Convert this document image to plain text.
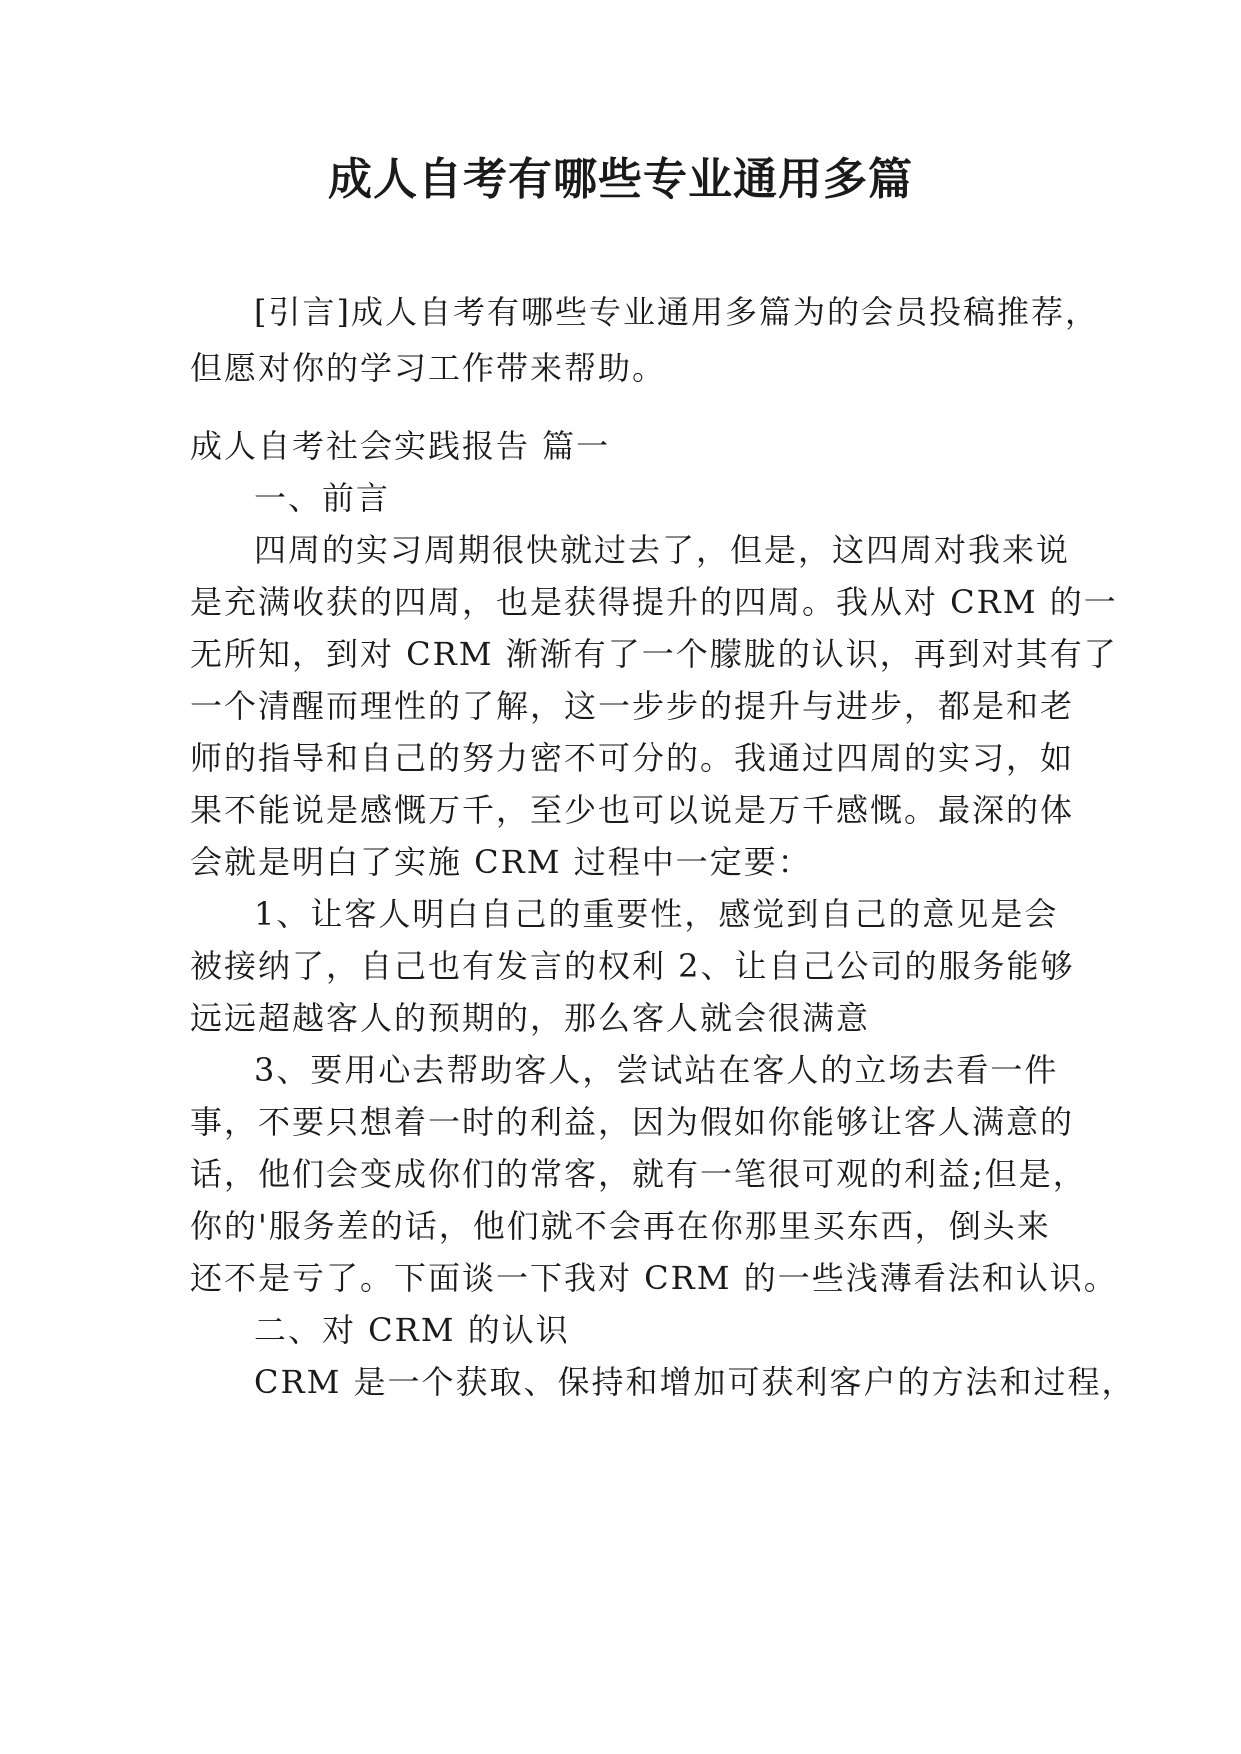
成人自考有哪些专业通用多篇

[引言]成人自考有哪些专业通用多篇为的会员投稿推荐，

但愿对你的学习工作带来帮助。

成人自考社会实践报告 篇一

一、前言

四周的实习周期很快就过去了，但是，这四周对我来说

是充满收获的四周，也是获得提升的四周。我从对 CRM 的一

无所知，到对 CRM 渐渐有了一个朦胧的认识，再到对其有了

一个清醒而理性的了解，这一步步的提升与进步，都是和老

师的指导和自己的努力密不可分的。我通过四周的实习，如

果不能说是感慨万千，至少也可以说是万千感慨。最深的体

会就是明白了实施 CRM 过程中一定要：

1、让客人明白自己的重要性，感觉到自己的意见是会

被接纳了，自己也有发言的权利 2、让自己公司的服务能够

远远超越客人的预期的，那么客人就会很满意

3、要用心去帮助客人，尝试站在客人的立场去看一件

事，不要只想着一时的利益，因为假如你能够让客人满意的

话，他们会变成你们的常客，就有一笔很可观的利益;但是，

你的'服务差的话，他们就不会再在你那里买东西，倒头来

还不是亏了。下面谈一下我对 CRM 的一些浅薄看法和认识。

二、对 CRM 的认识

CRM 是一个获取、保持和增加可获利客户的方法和过程，
